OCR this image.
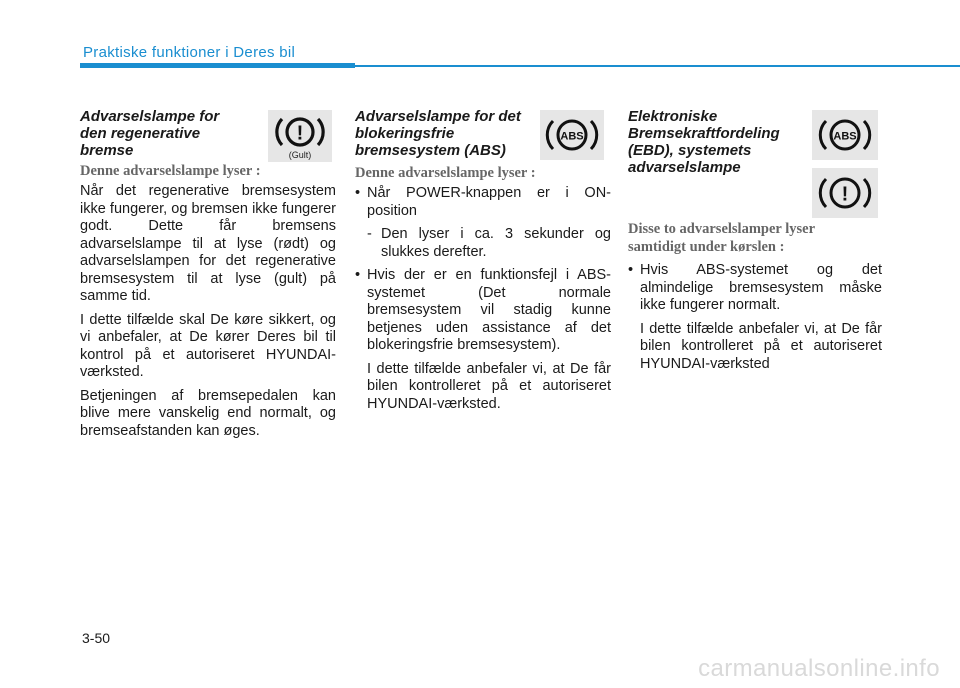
Praktiske funktioner i Deres bil
Advarselslampe for
den regenerative
bremse
Denne advarselslampe lyser :

Når det regenerative bremsesystem ikke fungerer, og bremsen ikke fungerer godt. Dette får bremsens advarselslampe til at lyse (rødt) og advarselslampen for det regenerative bremsesystem til at lyse (gult) på samme tid.

I dette tilfælde skal De køre sikkert, og vi anbefaler, at De kører Deres bil til kontrol på et autoriseret HYUNDAI-værksted.

Betjeningen af bremsepedalen kan blive mere vanskelig end normalt, og bremseafstanden kan øges.

!
(Gult)
Advarselslampe for det
blokeringsfrie
bremsesystem (ABS)
Denne advarselslampe lyser :
• Når POWER-knappen er i ON-position
- Den lyser i ca. 3 sekunder og slukkes derefter.
• Hvis der er en funktionsfejl i ABS-systemet (Det normale bremsesystem vil stadig kunne betjenes uden assistance af det blokeringsfrie bremsesystem).
I dette tilfælde anbefaler vi, at De får bilen kontrolleret på et autoriseret HYUNDAI-værksted.
ABS
Elektroniske
Bremsekraftfordeling
(EBD), systemets
advarselslampe
Disse to advarselslamper lyser
samtidigt under kørslen :
• Hvis ABS-systemet og det almindelige bremsesystem måske ikke fungerer normalt.
I dette tilfælde anbefaler vi, at De får bilen kontrolleret på et autoriseret HYUNDAI-værksted
ABS
!
3-50
carmanualsonline.info
